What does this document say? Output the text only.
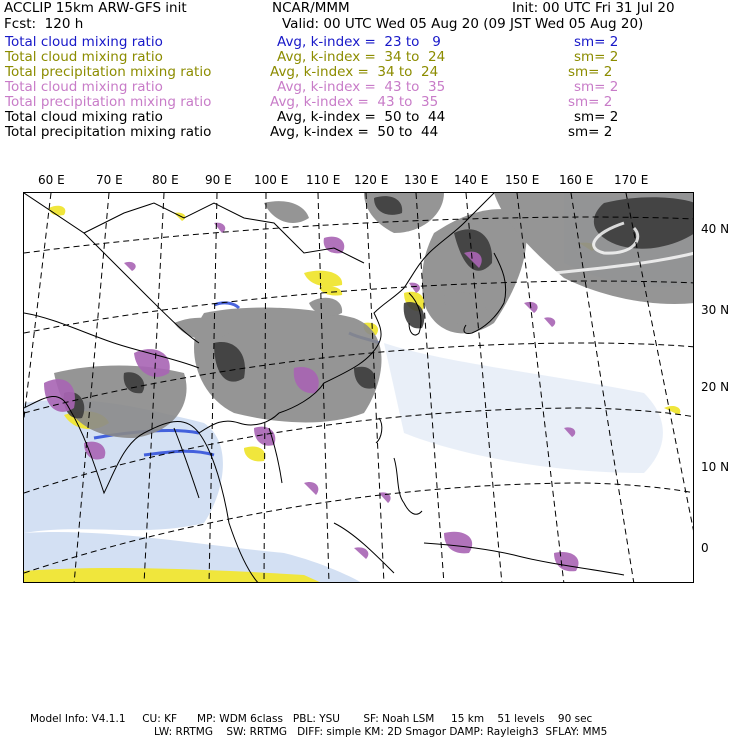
ACCLIP 15km ARW-GFS init	NCAR/MMM	Init: 00 UTC Fri 31 Jul 20
Fcst:  120 h	Valid: 00 UTC Wed 05 Aug 20 (09 JST Wed 05 Aug 20)
Total cloud mixing ratio	Avg, k-index =  23 to   9	sm= 2
Total cloud mixing ratio	Avg, k-index =  34 to  24	sm= 2
Total precipitation mixing ratio	Avg, k-index =  34 to  24	sm= 2
Total cloud mixing ratio	Avg, k-index =  43 to  35	sm= 2
Total precipitation mixing ratio	Avg, k-index =  43 to  35	sm= 2
Total cloud mixing ratio	Avg, k-index =  50 to  44	sm= 2
Total precipitation mixing ratio	Avg, k-index =  50 to  44	sm= 2
60 E	70 E 80 E 90 E 100 E 110 E 120 E 130 E 140 E 150 E 160 E 170 E
40 N
30 N
20 N
10 N
0
Model Info: V4.1.1     CU: KF      MP: WDM 6class   PBL: YSU       SF: Noah LSM     15 km    51 levels    90 sec
LW: RRTMG    SW: RRTMG   DIFF: simple KM: 2D Smagor DAMP: Rayleigh3  SFLAY: MM5
